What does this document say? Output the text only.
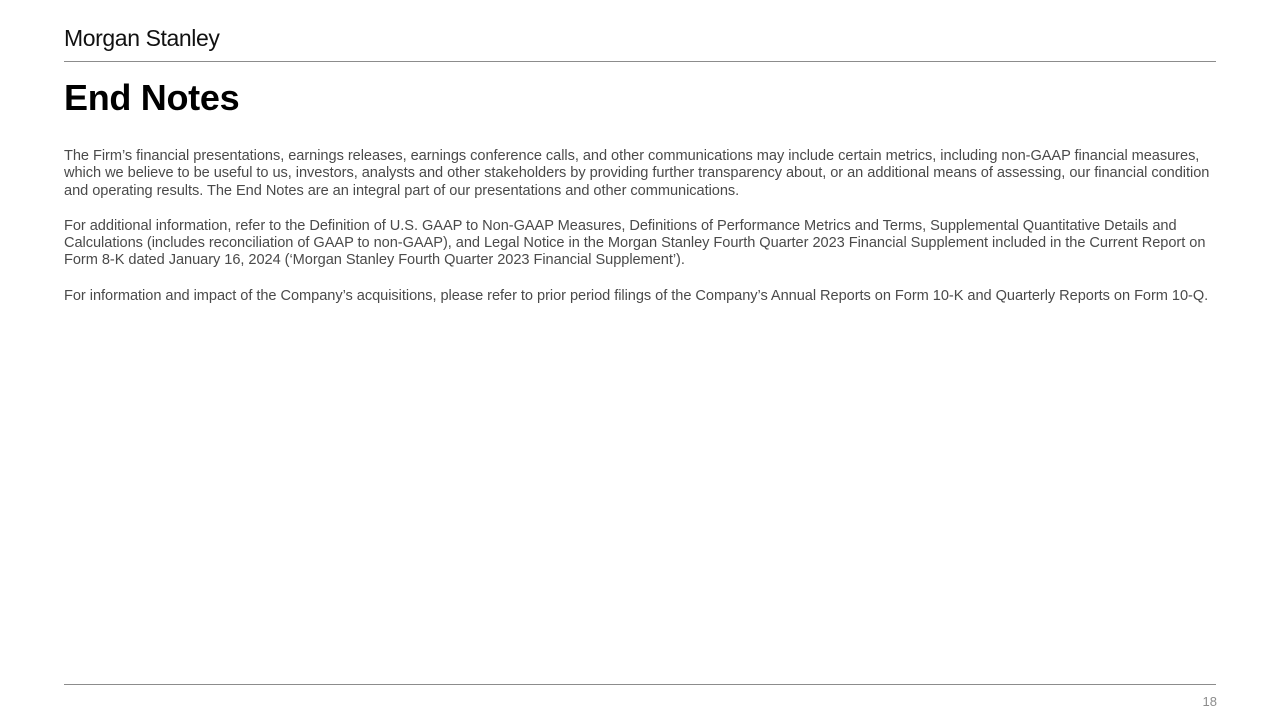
Morgan Stanley
End Notes

The Firm’s financial presentations, earnings releases, earnings conference calls, and other communications may include certain metrics, including non-GAAP financial measures, which we believe to be useful to us, investors, analysts and other stakeholders by providing further transparency about, or an additional means of assessing, our financial condition and operating results. The End Notes are an integral part of our presentations and other communications.

For additional information, refer to the Definition of U.S. GAAP to Non-GAAP Measures, Definitions of Performance Metrics and Terms, Supplemental Quantitative Details and Calculations (includes reconciliation of GAAP to non-GAAP), and Legal Notice in the Morgan Stanley Fourth Quarter 2023 Financial Supplement included in the Current Report on Form 8-K dated January 16, 2024 (‘Morgan Stanley Fourth Quarter 2023 Financial Supplement’).

For information and impact of the Company’s acquisitions, please refer to prior period filings of the Company’s Annual Reports on Form 10-K and Quarterly Reports on Form 10-Q.

18
